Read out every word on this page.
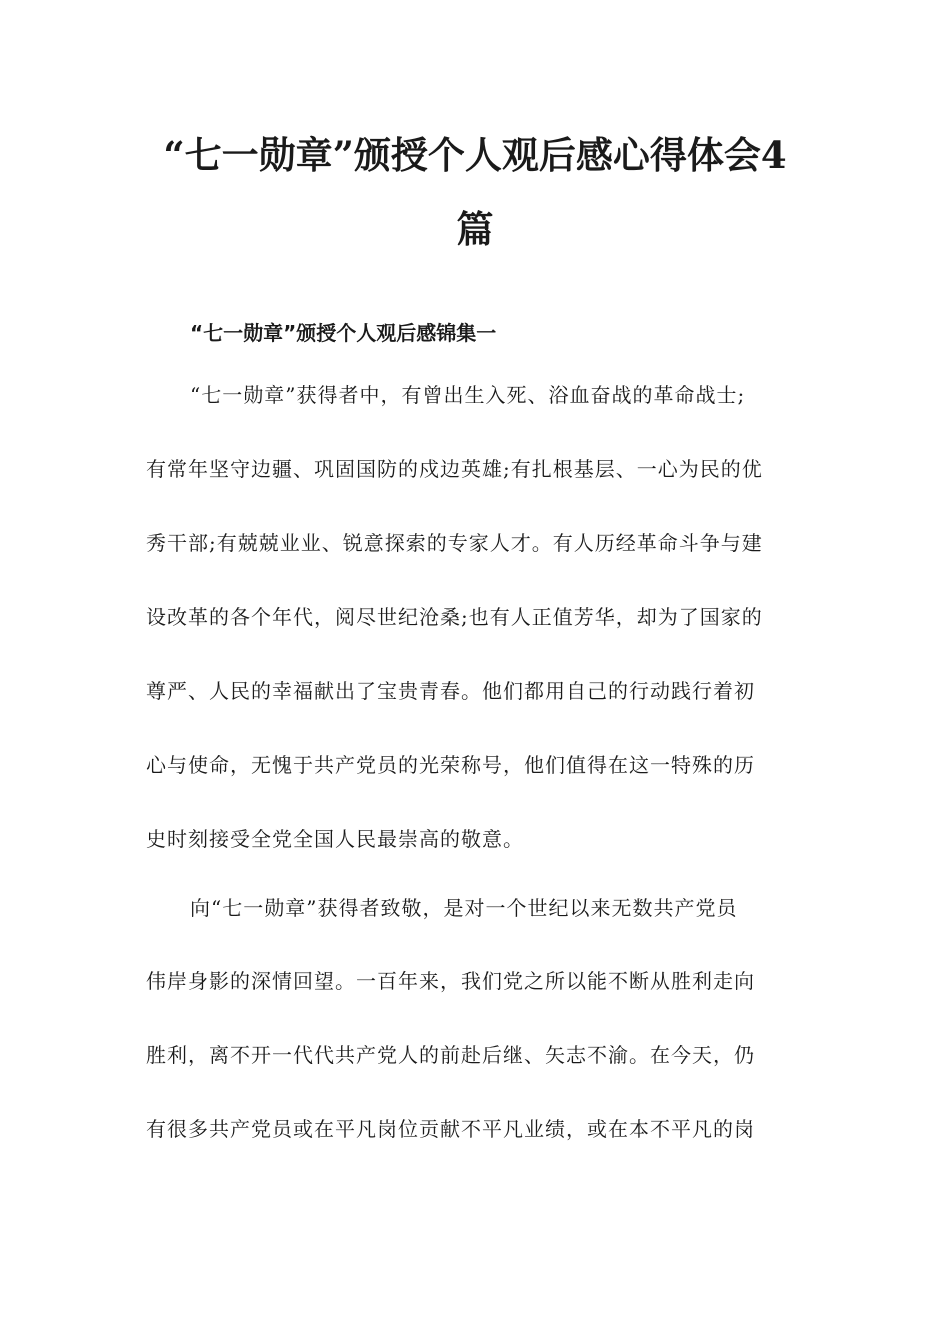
“七一勋章”颁授个人观后感心得体会4
篇
“七一勋章”颁授个人观后感锦集一
“七一勋章”获得者中，有曾出生入死、浴血奋战的革命战士;
有常年坚守边疆、巩固国防的戍边英雄;有扎根基层、一心为民的优
秀干部;有兢兢业业、锐意探索的专家人才。有人历经革命斗争与建
设改革的各个年代，阅尽世纪沧桑;也有人正值芳华，却为了国家的
尊严、人民的幸福献出了宝贵青春。他们都用自己的行动践行着初
心与使命，无愧于共产党员的光荣称号，他们值得在这一特殊的历
史时刻接受全党全国人民最崇高的敬意。
向“七一勋章”获得者致敬，是对一个世纪以来无数共产党员
伟岸身影的深情回望。一百年来，我们党之所以能不断从胜利走向
胜利，离不开一代代共产党人的前赴后继、矢志不渝。在今天，仍
有很多共产党员或在平凡岗位贡献不平凡业绩，或在本不平凡的岗
